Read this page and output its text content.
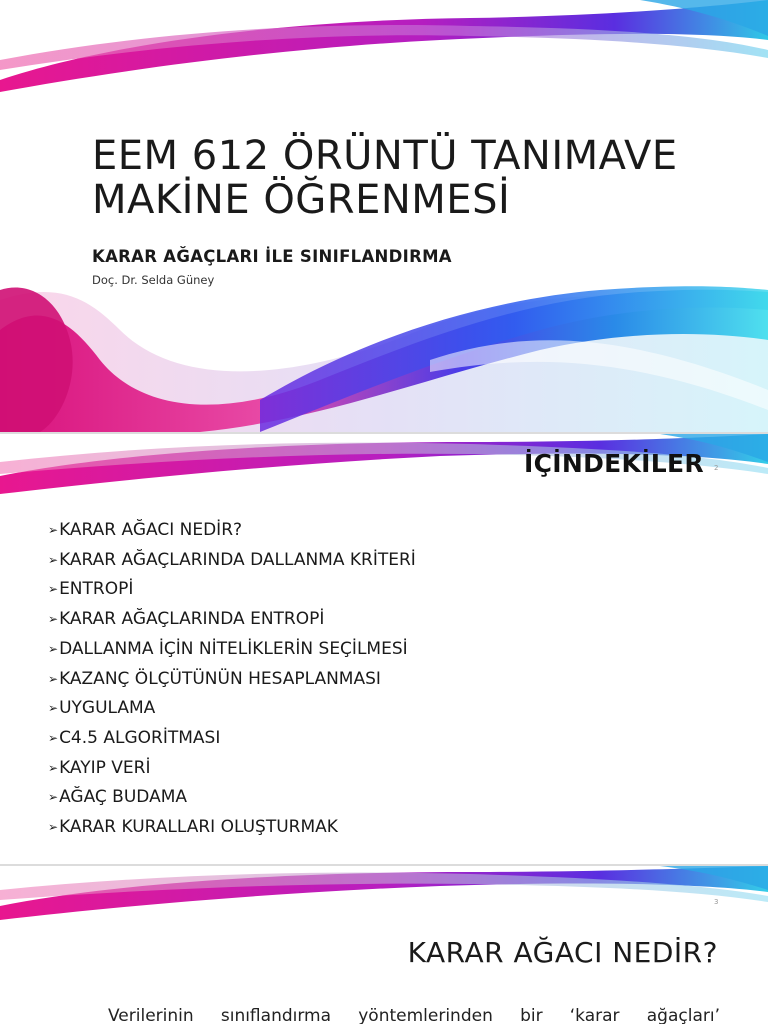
EEM 612 ÖRÜNTÜ TANIMAVE
MAKİNE ÖĞRENMESİ
KARAR AĞAÇLARI İLE SINIFLANDIRMA
Doç. Dr. Selda Güney
İÇİNDEKİLER 2
➢KARAR AĞACI NEDİR?
➢KARAR AĞAÇLARINDA DALLANMA KRİTERİ
➢ENTROPİ
➢KARAR AĞAÇLARINDA ENTROPİ
➢DALLANMA İÇİN NİTELİKLERİN SEÇİLMESİ
➢KAZANÇ ÖLÇÜTÜNÜN HESAPLANMASI
➢UYGULAMA
➢C4.5 ALGORİTMASI
➢KAYIP VERİ
➢AĞAÇ BUDAMA
➢KARAR KURALLARI OLUŞTURMAK
3
KARAR AĞACI NEDİR?
Verilerinin sınıflandırma yöntemlerinden bir ‘karar ağaçları’
